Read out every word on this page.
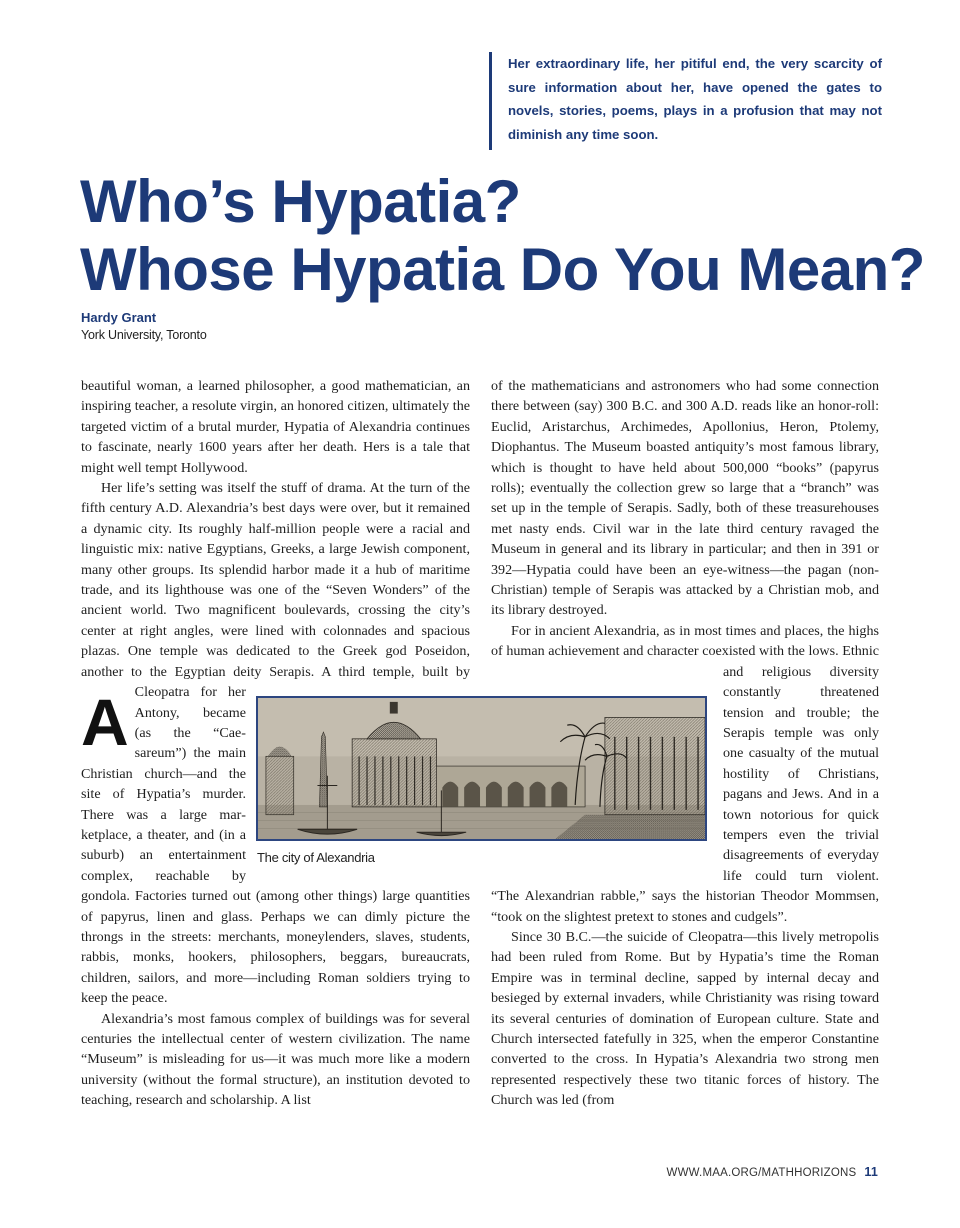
Her extraordinary life, her pitiful end, the very scarcity of sure information about her, have opened the gates to novels, stories, poems, plays in a profusion that may not diminish any time soon.

Who’s Hypatia?
Whose Hypatia Do You Mean?
Hardy Grant
York University, Toronto

A
beautiful woman, a learned philosopher, a good mathematician, an inspiring teacher, a resolute virgin, an honored citizen, ultimately the targeted victim of a brutal murder, Hypatia of Alexandria continues to fascinate, nearly 1600 years after her death. Hers is a tale that might well tempt Hollywood.

Her life’s setting was itself the stuff of drama. At the turn of the fifth century A.D. Alexandria’s best days were over, but it remained a dynamic city. Its roughly half-million people were a racial and linguistic mix: native Egyptians, Greeks, a large Jewish component, many other groups. Its splendid harbor made it a hub of maritime trade, and its lighthouse was one of the “Seven Wonders” of the ancient world. Two magnificent boulevards, crossing the city’s center at right angles, were lined with colonnades and spacious plazas. One temple was dedicated to the Greek god Poseidon, another to the Egyptian deity Serapis. A third temple, built by Cleopatra for her Antony, became (as the “Caesareum”) the main Christian church—and the site of Hypatia’s murder. There was a large marketplace, a theater, and (in a suburb) an entertainment complex, reachable by gondola. Factories turned out (among other things) large quantities of papyrus, linen and glass. Perhaps we can dimly picture the throngs in the streets: merchants, moneylenders, slaves, students, rabbis, monks, hookers, philosophers, beggars, bureaucrats, children, sailors, and more—including Roman soldiers trying to keep the peace.

Alexandria’s most famous complex of buildings was for several centuries the intellectual center of western civilization. The name “Museum” is misleading for us—it was much more like a modern university (without the formal structure), an institution devoted to teaching, research and scholarship. A list

of the mathematicians and astronomers who had some connection there between (say) 300 B.C. and 300 A.D. reads like an honor-roll: Euclid, Aristarchus, Archimedes, Apollonius, Heron, Ptolemy, Diophantus. The Museum boasted antiquity’s most famous library, which is thought to have held about 500,000 “books” (papyrus rolls); eventually the collection grew so large that a “branch” was set up in the temple of Serapis. Sadly, both of these treasurehouses met nasty ends. Civil war in the late third century ravaged the Museum in general and its library in particular; and then in 391 or 392—Hypatia could have been an eye-witness—the pagan (non-Christian) temple of Serapis was attacked by a Christian mob, and its library destroyed.

For in ancient Alexandria, as in most times and places, the highs of human achievement and character coexisted with the lows. Ethnic and religious diversity constantly threatened tension and trouble; the Serapis temple was only one casualty of the mutual hostility of Christians, pagans and Jews. And in a town notorious for quick tempers even the trivial disagreements of everyday life could turn violent. “The Alexandrian rabble,” says the historian Theodor Mommsen, “took on the slightest pretext to stones and cudgels”.

Since 30 B.C.—the suicide of Cleopatra—this lively metropolis had been ruled from Rome. But by Hypatia’s time the Roman Empire was in terminal decline, sapped by internal decay and besieged by external invaders, while Christianity was rising toward its several centuries of domination of European culture. State and Church intersected fatefully in 325, when the emperor Constantine converted to the cross. In Hypatia’s Alexandria two strong men represented respectively these two titanic forces of history. The Church was led (from

The city of Alexandria
WWW.MAA.ORG/MATHHORIZONS 11
